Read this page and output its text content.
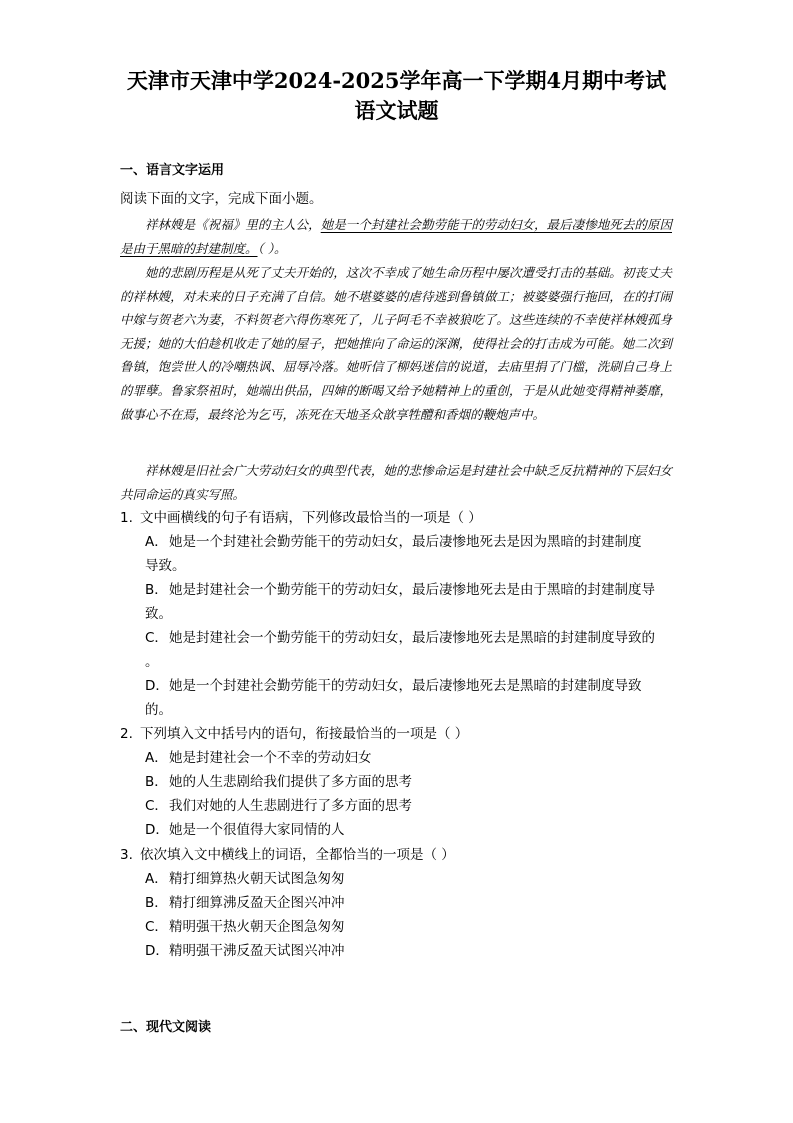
天津市天津中学2024-2025学年高一下学期4月期中考试
语文试题
一、语言文字运用
阅读下面的文字，完成下面小题。

祥林嫂是《祝福》里的主人公，她是一个封建社会勤劳能干的劳动妇女，最后凄惨地死去的原因是由于黑暗的封建制度。（ ）。

她的悲剧历程是从死了丈夫开始的，这次不幸成了她生命历程中屡次遭受打击的基础。初丧丈夫的祥林嫂，对未来的日子充满了自信。她不堪婆婆的虐待逃到鲁镇做工；被婆婆强行拖回，在的打闹中嫁与贺老六为妻，不料贺老六得伤寒死了，儿子阿毛不幸被狼吃了。这些连续的不幸使祥林嫂孤身无援；她的大伯趁机收走了她的屋子，把她推向了命运的深渊，使得社会的打击成为可能。她二次到鲁镇，饱尝世人的冷嘲热讽、屈辱冷落。她听信了柳妈迷信的说道，去庙里捐了门槛，洗刷自己身上的罪孽。鲁家祭祖时，她端出供品，四婶的断喝又给予她精神上的重创，于是从此她变得精神萎靡，做事心不在焉，最终沦为乞丐，冻死在天地圣众歆享牲醴和香烟的鞭炮声中。

祥林嫂是旧社会广大劳动妇女的典型代表，她的悲惨命运是封建社会中缺乏反抗精神的下层妇女共同命运的真实写照。

1. 文中画横线的句子有语病，下列修改最恰当的一项是（ ）
A．她是一个封建社会勤劳能干的劳动妇女，最后凄惨地死去是因为黑暗的封建制度
导致。
B．她是封建社会一个勤劳能干的劳动妇女，最后凄惨地死去是由于黑暗的封建制度导
致。
C．她是封建社会一个勤劳能干的劳动妇女，最后凄惨地死去是黑暗的封建制度导致的
。
D．她是一个封建社会勤劳能干的劳动妇女，最后凄惨地死去是黑暗的封建制度导致
的。
2. 下列填入文中括号内的语句，衔接最恰当的一项是（ ）
A．她是封建社会一个不幸的劳动妇女
B．她的人生悲剧给我们提供了多方面的思考
C．我们对她的人生悲剧进行了多方面的思考
D．她是一个很值得大家同情的人
3. 依次填入文中横线上的词语，全都恰当的一项是（ ）
A．精打细算热火朝天试图急匆匆
B．精打细算沸反盈天企图兴冲冲
C．精明强干热火朝天企图急匆匆
D．精明强干沸反盈天试图兴冲冲
二、现代文阅读
